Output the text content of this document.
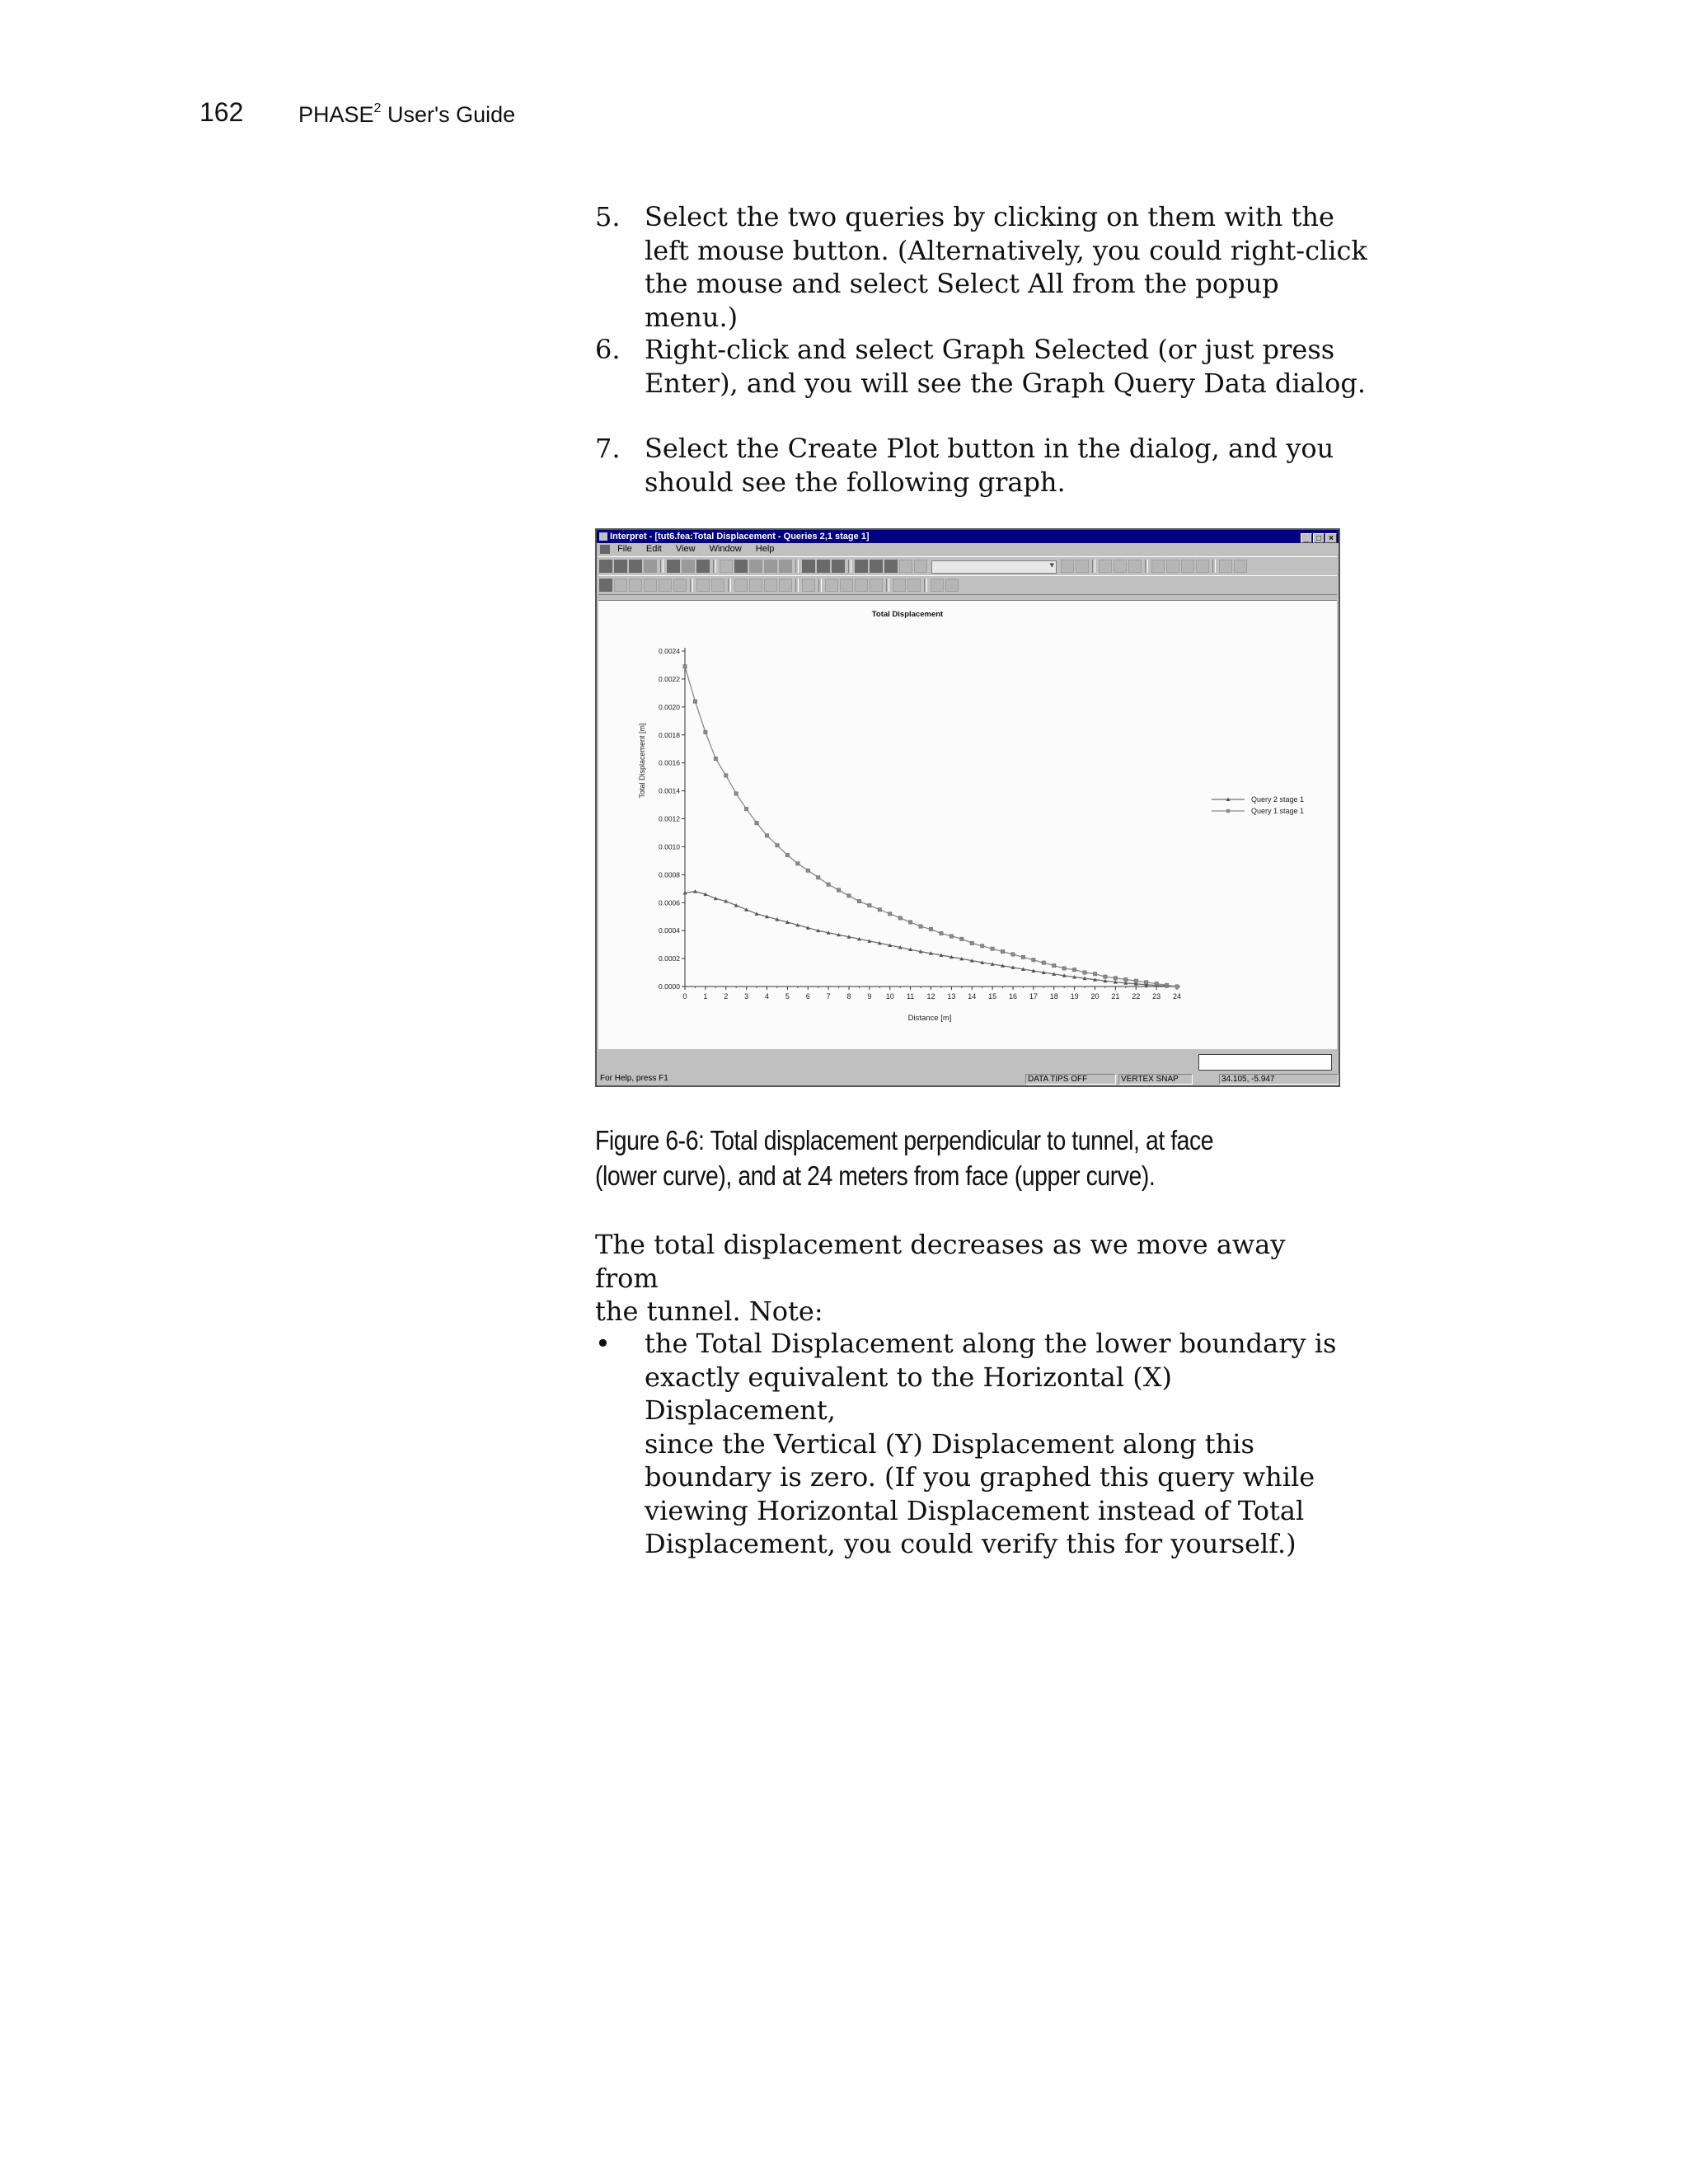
162 PHASE$^2$ User's Guide
5. Select the two queries by clicking on them with the
left mouse button. (Alternatively, you could right-click
the mouse and select Select All from the popup menu.)
6. Right-click and select Graph Selected (or just press
Enter), and you will see the Graph Query Data dialog.
7. Select the Create Plot button in the dialog, and you
should see the following graph.
Interpret - [tut6.fea:Total Displacement - Queries 2,1 stage 1]	_ □ ×
File Edit View Window Help
▾
Total Displacement
Distance [m]
Total Displacement [m]
0 1 2 3 4 5 6 7 8 9 10 11 12 13 14 15 16 17 18 19 20 21 22 23 24
0.0000
0.0002
0.0004
0.0006
0.0008
0.0010
0.0012
0.0014
0.0016
0.0018
0.0020
0.0022
0.0024
Query 2 stage 1
Query 1 stage 1
For Help, press F1	DATA TIPS OFF	VERTEX SNAP	34.105, -5.947
Figure 6-6: Total displacement perpendicular to tunnel, at face
(lower curve), and at 24 meters from face (upper curve).
The total displacement decreases as we move away from
the tunnel. Note:
• the Total Displacement along the lower boundary is
exactly equivalent to the Horizontal (X) Displacement,
since the Vertical (Y) Displacement along this
boundary is zero. (If you graphed this query while
viewing Horizontal Displacement instead of Total
Displacement, you could verify this for yourself.)
